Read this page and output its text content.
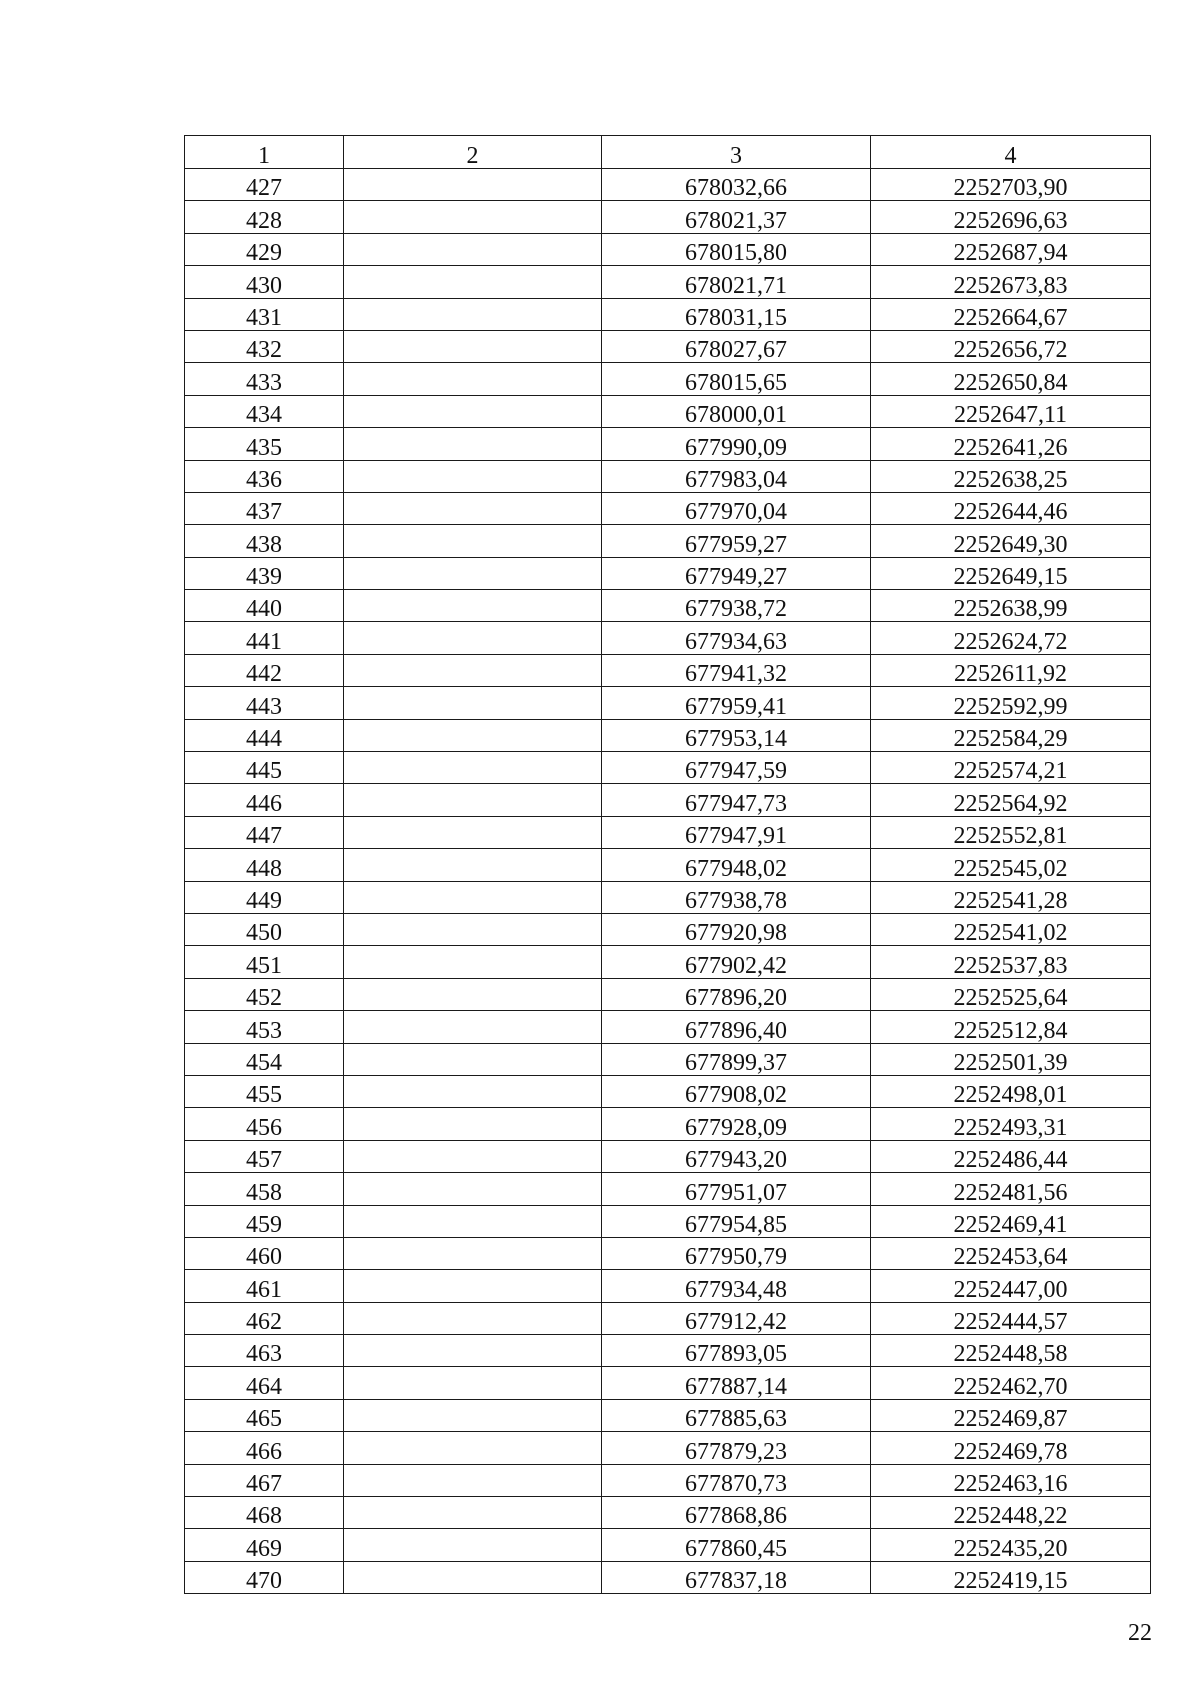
1	2	3	4
427		678032,66	2252703,90
428		678021,37	2252696,63
429		678015,80	2252687,94
430		678021,71	2252673,83
431		678031,15	2252664,67
432		678027,67	2252656,72
433		678015,65	2252650,84
434		678000,01	2252647,11
435		677990,09	2252641,26
436		677983,04	2252638,25
437		677970,04	2252644,46
438		677959,27	2252649,30
439		677949,27	2252649,15
440		677938,72	2252638,99
441		677934,63	2252624,72
442		677941,32	2252611,92
443		677959,41	2252592,99
444		677953,14	2252584,29
445		677947,59	2252574,21
446		677947,73	2252564,92
447		677947,91	2252552,81
448		677948,02	2252545,02
449		677938,78	2252541,28
450		677920,98	2252541,02
451		677902,42	2252537,83
452		677896,20	2252525,64
453		677896,40	2252512,84
454		677899,37	2252501,39
455		677908,02	2252498,01
456		677928,09	2252493,31
457		677943,20	2252486,44
458		677951,07	2252481,56
459		677954,85	2252469,41
460		677950,79	2252453,64
461		677934,48	2252447,00
462		677912,42	2252444,57
463		677893,05	2252448,58
464		677887,14	2252462,70
465		677885,63	2252469,87
466		677879,23	2252469,78
467		677870,73	2252463,16
468		677868,86	2252448,22
469		677860,45	2252435,20
470		677837,18	2252419,15
22
